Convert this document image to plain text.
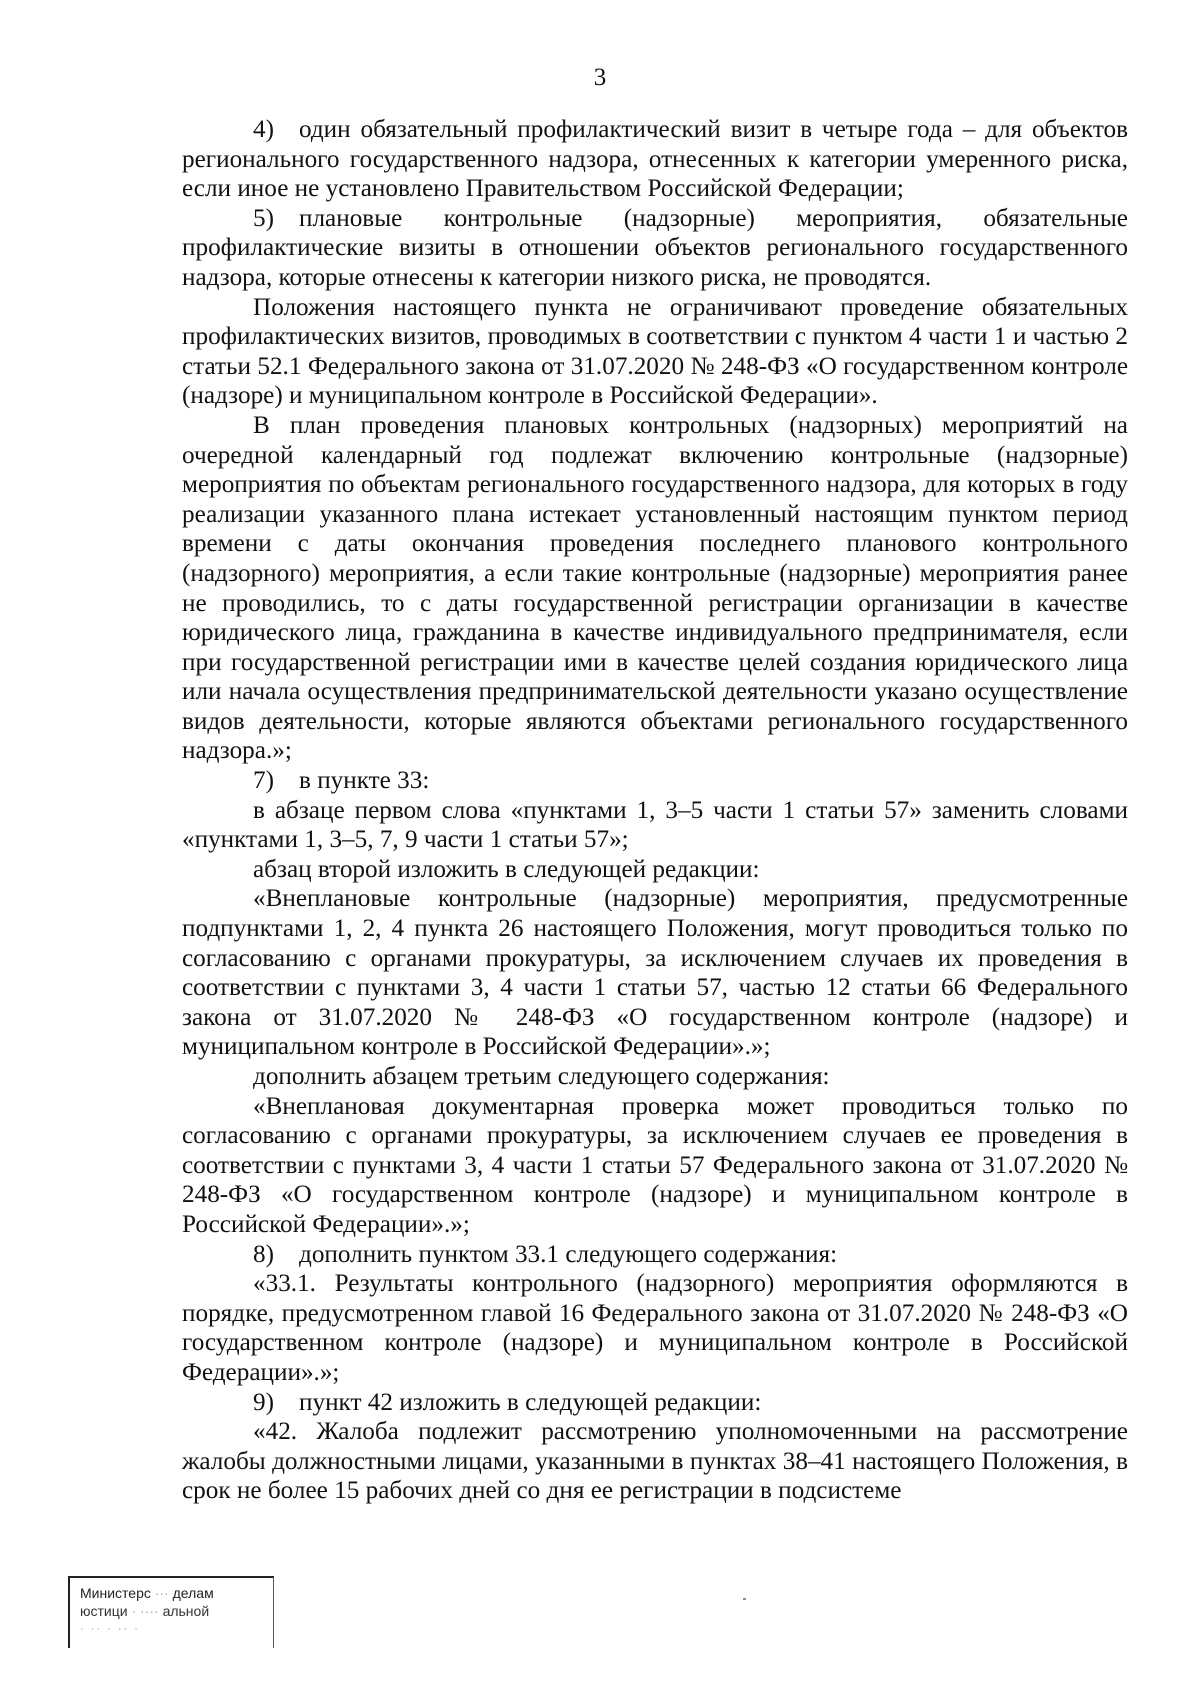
3

4) один обязательный профилактический визит в четыре года – для объектов регионального государственного надзора, отнесенных к категории умеренного риска, если иное не установлено Правительством Российской Федерации;

5) плановые контрольные (надзорные) мероприятия, обязательные профилактические визиты в отношении объектов регионального государственного надзора, которые отнесены к категории низкого риска, не проводятся.

Положения настоящего пункта не ограничивают проведение обязательных профилактических визитов, проводимых в соответствии с пунктом 4 части 1 и частью 2 статьи 52.1 Федерального закона от 31.07.2020 № 248-ФЗ «О государственном контроле (надзоре) и муниципальном контроле в Российской Федерации».

В план проведения плановых контрольных (надзорных) мероприятий на очередной календарный год подлежат включению контрольные (надзорные) мероприятия по объектам регионального государственного надзора, для которых в году реализации указанного плана истекает установленный настоящим пунктом период времени с даты окончания проведения последнего планового контрольного (надзорного) мероприятия, а если такие контрольные (надзорные) мероприятия ранее не проводились, то с даты государственной регистрации организации в качестве юридического лица, гражданина в качестве индивидуального предпринимателя, если при государственной регистрации ими в качестве целей создания юридического лица или начала осуществления предпринимательской деятельности указано осуществление видов деятельности, которые являются объектами регионального государственного надзора.»;

7) в пункте 33:

в абзаце первом слова «пунктами 1, 3–5 части 1 статьи 57» заменить словами «пунктами 1, 3–5, 7, 9 части 1 статьи 57»;

абзац второй изложить в следующей редакции:

«Внеплановые контрольные (надзорные) мероприятия, предусмотренные подпунктами 1, 2, 4 пункта 26 настоящего Положения, могут проводиться только по согласованию с органами прокуратуры, за исключением случаев их проведения в соответствии с пунктами 3, 4 части 1 статьи 57, частью 12 статьи 66 Федерального закона от 31.07.2020 № 248-ФЗ «О государственном контроле (надзоре) и муниципальном контроле в Российской Федерации».»;

дополнить абзацем третьим следующего содержания:

«Внеплановая документарная проверка может проводиться только по согласованию с органами прокуратуры, за исключением случаев ее проведения в соответствии с пунктами 3, 4 части 1 статьи 57 Федерального закона от 31.07.2020 № 248-ФЗ «О государственном контроле (надзоре) и муниципальном контроле в Российской Федерации».»;

8) дополнить пунктом 33.1 следующего содержания:

«33.1. Результаты контрольного (надзорного) мероприятия оформляются в порядке, предусмотренном главой 16 Федерального закона от 31.07.2020 № 248-ФЗ «О государственном контроле (надзоре) и муниципальном контроле в Российской Федерации».»;

9) пункт 42 изложить в следующей редакции:

«42. Жалоба подлежит рассмотрению уполномоченными на рассмотрение жалобы должностными лицами, указанными в пунктах 38–41 настоящего Положения, в срок не более 15 рабочих дней со дня ее регистрации в подсистеме

Министерс ··· делам
юстици · ···· альной
· ·· · ·· ·
